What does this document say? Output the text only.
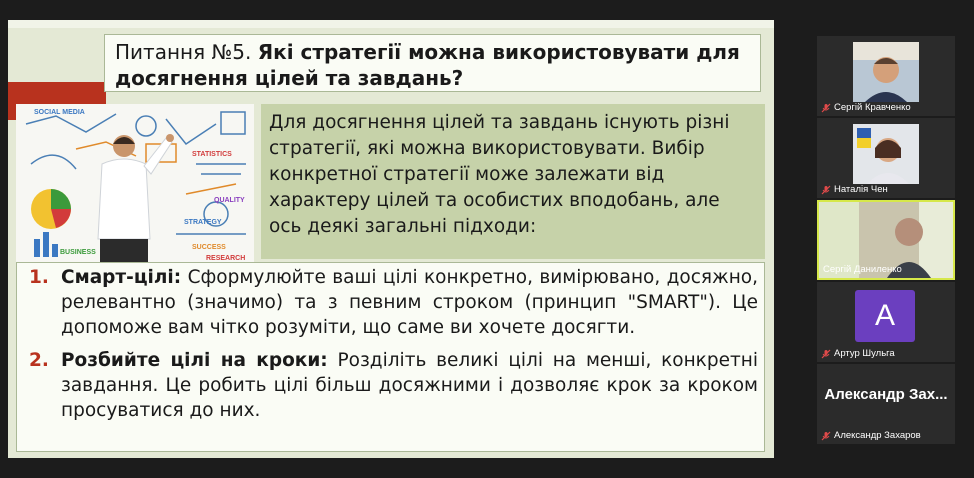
Питання №5. Які стратегії можна використовувати для досягнення цілей та завдань?
SOCIAL MEDIA
STATISTICS
QUALITY
STRATEGY
SUCCESS
BUSINESS
RESEARCH
Для досягнення цілей та завдань існують різні
стратегії, які можна використовувати. Вибір
конкретної стратегії може залежати від
характеру цілей та особистих вподобань, але
ось деякі загальні підходи:
1. Смарт-цілі: Сформулюйте ваші цілі конкретно, вимірювано, досяжно, релевантно (значимо) та з певним строком (принцип "SMART"). Це допоможе вам чітко розуміти, що саме ви хочете досягти.
2. Розбийте цілі на кроки: Розділіть великі цілі на менші, конкретні завдання. Це робить цілі більш досяжними і дозволяє крок за кроком просуватися до них.
Сергій Кравченко
Наталія Чен
Сергій Даниленко
А
Артур Шульга
Александр Зах...
Александр Захаров
